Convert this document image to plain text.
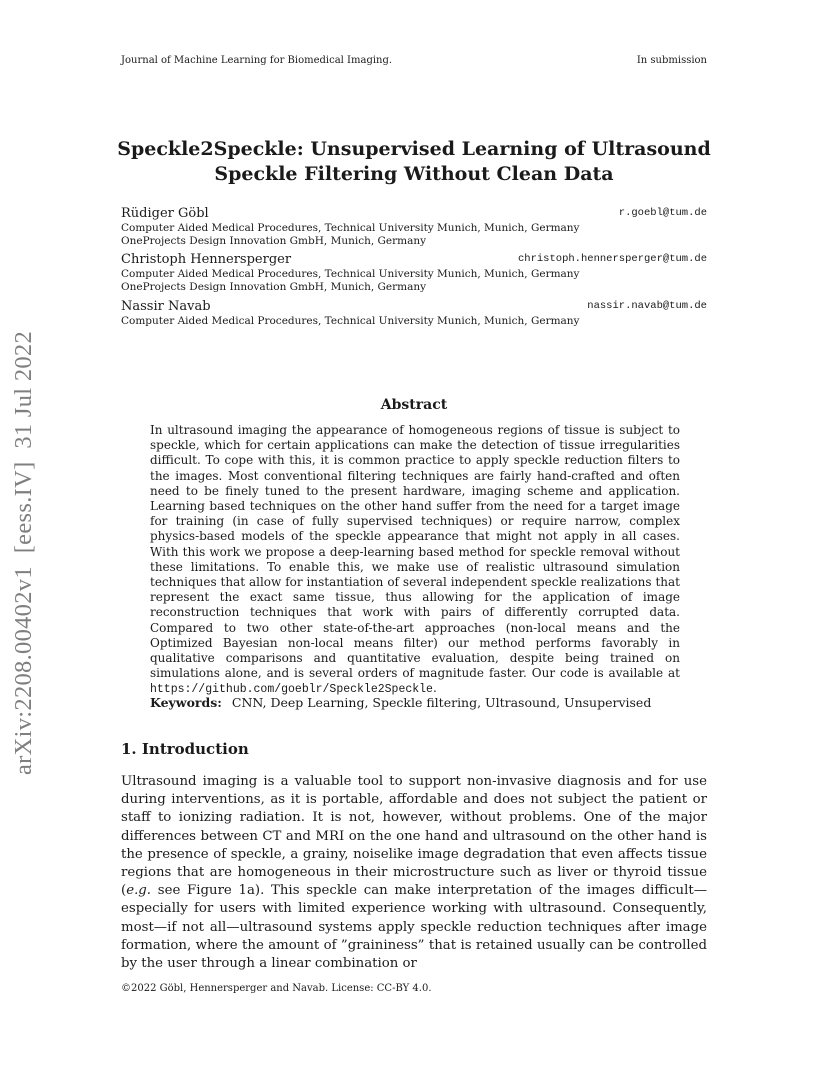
Journal of Machine Learning for Biomedical Imaging.	In submission
Speckle2Speckle: Unsupervised Learning of Ultrasound
Speckle Filtering Without Clean Data
Rüdiger Göbl	r.goebl@tum.de
Computer Aided Medical Procedures, Technical University Munich, Munich, Germany
OneProjects Design Innovation GmbH, Munich, Germany
Christoph Hennersperger	christoph.hennersperger@tum.de
Computer Aided Medical Procedures, Technical University Munich, Munich, Germany
OneProjects Design Innovation GmbH, Munich, Germany
Nassir Navab	nassir.navab@tum.de
Computer Aided Medical Procedures, Technical University Munich, Munich, Germany
Abstract
In ultrasound imaging the appearance of homogeneous regions of tissue is subject to speckle, which for certain applications can make the detection of tissue irregularities difficult. To cope with this, it is common practice to apply speckle reduction filters to the images. Most conventional filtering techniques are fairly hand-crafted and often need to be finely tuned to the present hardware, imaging scheme and application. Learning based techniques on the other hand suffer from the need for a target image for training (in case of fully supervised techniques) or require narrow, complex physics-based models of the speckle appearance that might not apply in all cases. With this work we propose a deep-learning based method for speckle removal without these limitations. To enable this, we make use of realistic ultrasound simulation techniques that allow for instantiation of several independent speckle realizations that represent the exact same tissue, thus allowing for the application of image reconstruction techniques that work with pairs of differently corrupted data. Compared to two other state-of-the-art approaches (non-local means and the Optimized Bayesian non-local means filter) our method performs favorably in qualitative comparisons and quantitative evaluation, despite being trained on simulations alone, and is several orders of magnitude faster. Our code is available at https://github.com/goeblr/Speckle2Speckle.
Keywords: CNN, Deep Learning, Speckle filtering, Ultrasound, Unsupervised
1. Introduction
Ultrasound imaging is a valuable tool to support non-invasive diagnosis and for use during interventions, as it is portable, affordable and does not subject the patient or staff to ionizing radiation. It is not, however, without problems. One of the major differences between CT and MRI on the one hand and ultrasound on the other hand is the presence of speckle, a grainy, noiselike image degradation that even affects tissue regions that are homogeneous in their microstructure such as liver or thyroid tissue (e.g. see Figure 1a). This speckle can make interpretation of the images difficult—especially for users with limited experience working with ultrasound. Consequently, most—if not all—ultrasound systems apply speckle reduction techniques after image formation, where the amount of ”graininess” that is retained usually can be controlled by the user through a linear combination or
©2022 Göbl, Hennersperger and Navab. License: CC-BY 4.0.
arXiv:2208.00402v1  [eess.IV]  31 Jul 2022
